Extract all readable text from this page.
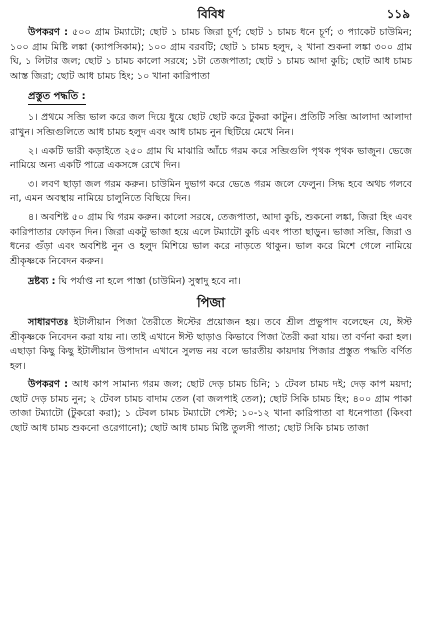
বিবিধ	১১৯

উপকরণ : ৫০০ গ্রাম টম্যাটো; ছোট ১ চামচ জিরা চূর্ণ; ছোট ১ চামচ ধনে চূর্ণ; ৩ প্যাকেট চাউমিন; ১০০ গ্রাম মিষ্টি লঙ্কা (ক্যাপসিকাম); ১০০ গ্রাম বরবটি; ছোট ১ চামচ হলুদ, ২ খানা শুকনা লঙ্কা ৩০০ গ্রাম ঘি, ১ লিটার জল; ছোট ১ চামচ কালো সরষে; ১টা তেজপাতা; ছোট ১ চামচ আদা কুচি; ছোট আধ চামচ আস্ত জিরা; ছোট আধ চামচ হিং; ১০ খানা কারিপাতা

প্রস্তুত পদ্ধতি :

১। প্রথমে সব্জি ভাল করে জল দিয়ে ধুয়ে ছোট ছোট করে টুকরা কাটুন। প্রতিটি সব্জি আলাদা আলাদা রাখুন। সব্জিগুলিতে আধ চামচ হলুদ এবং আধ চামচ নুন ছিটিয়ে মেখে নিন।

২। একটি ভারী কড়াইতে ২৫০ গ্রাম ঘি মাঝারি আঁচে গরম করে সব্জিগুলি পৃথক পৃথক ভাজুন। ভেজে নামিয়ে অন্য একটি পাত্রে একসঙ্গে রেখে দিন।

৩। লবণ ছাড়া জল গরম করুন। চাউমিন দুভাগ করে ভেঙে গরম জলে ফেলুন। সিদ্ধ হবে অথচ গলবে না, এমন অবস্থায় নামিয়ে চালুনিতে বিছিয়ে দিন।

৪। অবশিষ্ট ৫০ গ্রাম ঘি গরম করুন। কালো সরষে, তেজপাতা, আদা কুচি, শুকনো লঙ্কা, জিরা হিং এবং কারিপাতার ফোড়ন দিন। জিরা একটু ভাজা হয়ে এলে টম্যাটো কুচি এবং পাতা ছাড়ুন। ভাজা সব্জি, জিরা ও ধনের গুঁড়া এবং অবশিষ্ট নুন ও হলুদ মিশিয়ে ভাল করে নাড়তে থাকুন। ভাল করে মিশে গেলে নামিয়ে শ্রীকৃষ্ণকে নিবেদন করুন।

দ্রষ্টব্য : ঘি পর্যাপ্ত না হলে পাস্তা (চাউমিন) সুস্বাদু হবে না।

পিজা

সাধারণতঃ ইটালীয়ান পিজা তৈরীতে ঈস্টের প্রয়োজন হয়। তবে শ্রীল প্রভুপাদ বলেছেন যে, ঈস্ট শ্রীকৃষ্ণকে নিবেদন করা যায় না। তাই এখানে ঈস্ট ছাড়াও কিভাবে পিজা তৈরী করা যায়। তা বর্ণনা করা হল। এছাড়া কিছু কিছু ইটালীয়ান উপাদান এখানে সুলভ নয় বলে ভারতীয় কায়দায় পিজার প্রস্তুত পদ্ধতি বর্ণিত হল।

উপকরণ : আধ কাপ সামান্য গরম জল; ছোট দেড় চামচ চিনি; ১ টেবল চামচ দই; দেড় কাপ ময়দা; ছোট দেড় চামচ নুন; ২ টেবল চামচ বাদাম তেল (বা জলপাই তেল); ছোট সিকি চামচ হিং; ৪০০ গ্রাম পাকা তাজা টম্যাটো (টুকরো করা); ১ টেবল চামচ টম্যাটো পেস্ট; ১০-১২ খানা কারিপাতা বা ধনেপাতা (কিংবা ছোট আধ চামচ শুকনো ওরেগানো); ছোট আধ চামচ মিষ্টি তুলসী পাতা; ছোট সিকি চামচ তাজা
